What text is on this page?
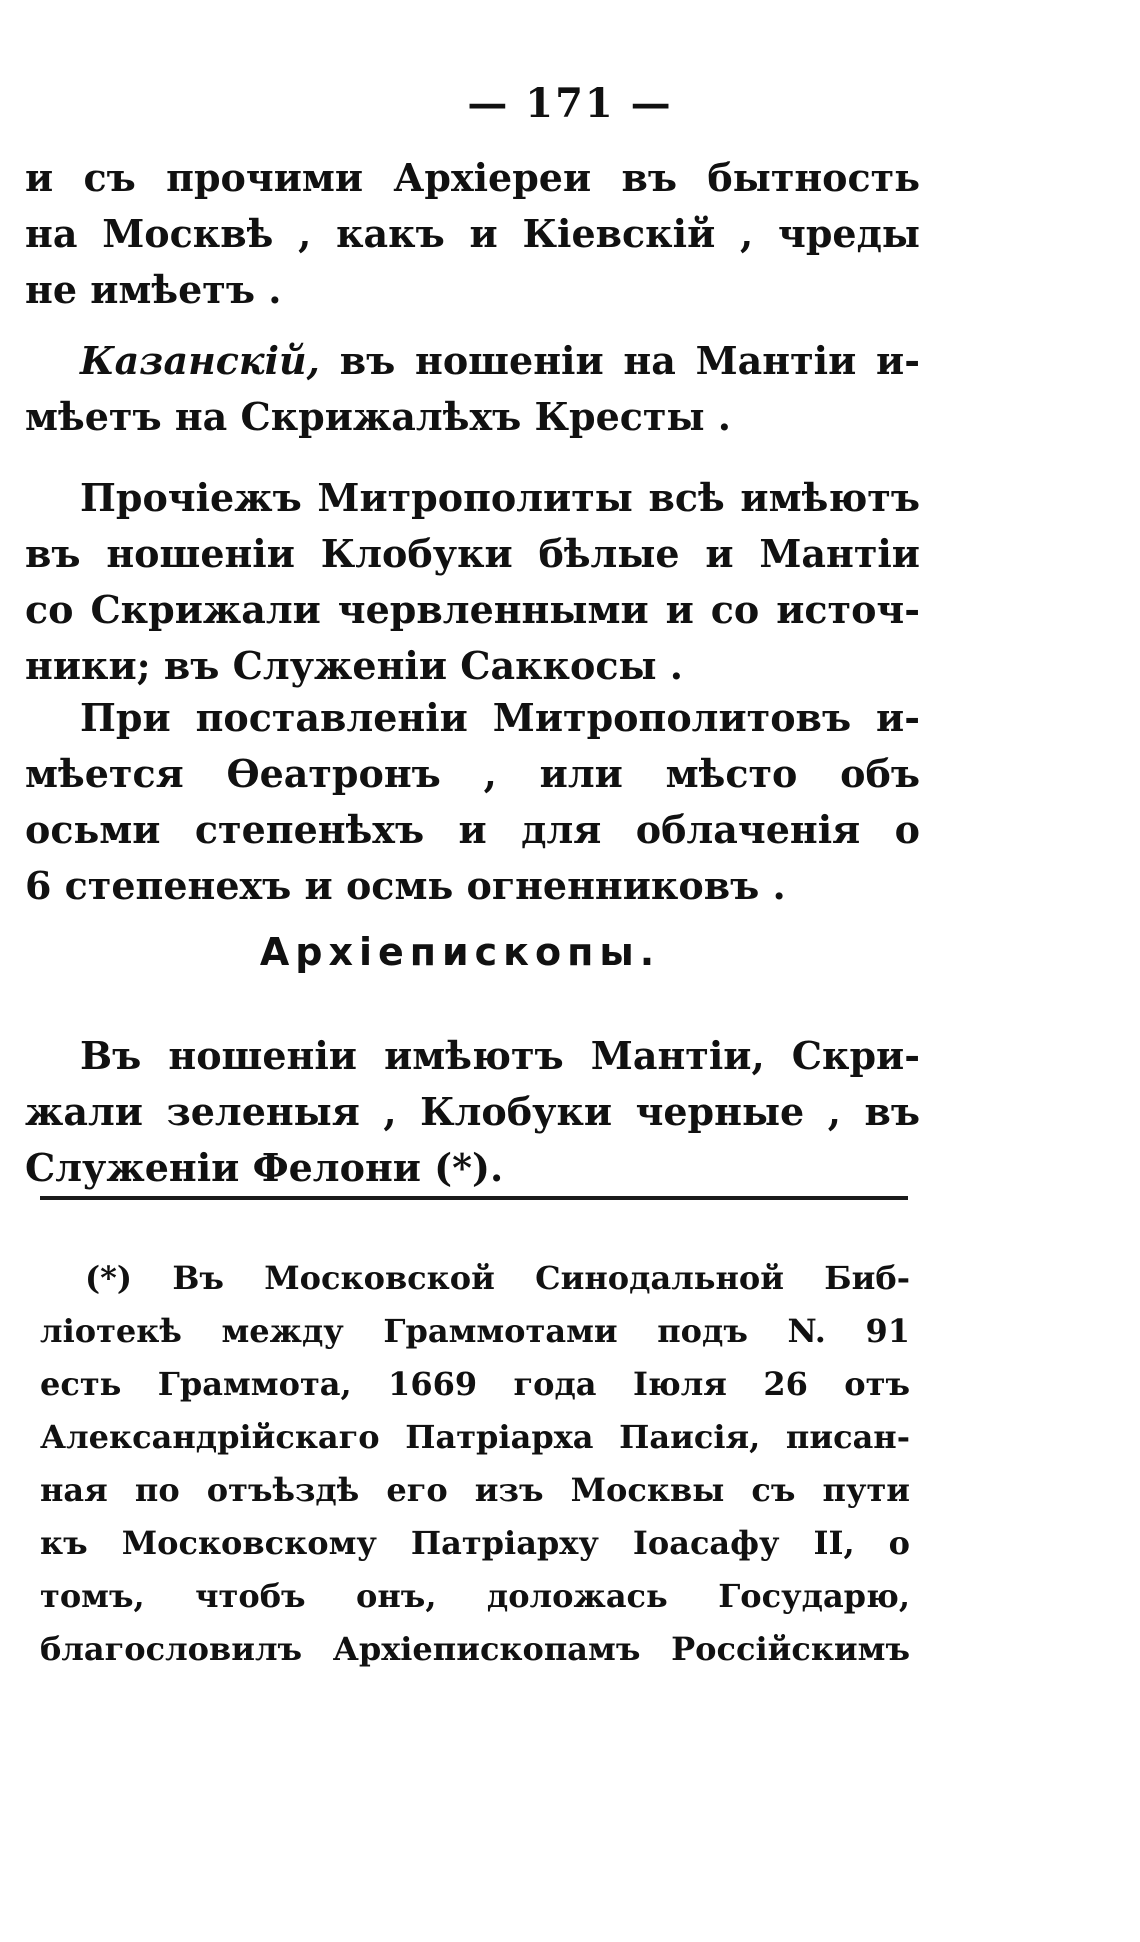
— 171 —
и съ прочими Архіереи въ бытность
на Москвѣ , какъ и Кіевскій , чреды
не имѣетъ .
Казанскій, въ ношеніи на Мантіи и-
мѣетъ на Скрижалѣхъ Кресты .
Прочіежъ Митрополиты всѣ имѣютъ
въ ношеніи Клобуки бѣлые и Мантіи
со Скрижали червленными и со источ-
ники; въ Служеніи Саккосы .
При поставленіи Митрополитовъ и-
мѣется Ѳеатронъ , или мѣсто объ
осьми степенѣхъ и для облаченія о
6 степенехъ и осмь огненниковъ .
Архіепископы.
Въ ношеніи имѣютъ Мантіи, Скри-
жали зеленыя , Клобуки черные , въ
Служеніи Фелони (*).
(*) Въ Московской Синодальной Биб-
ліотекѣ между Граммотами подъ N. 91
есть Граммота, 1669 года Іюля 26 отъ
Александрійскаго Патріарха Паисія, писан-
ная по отъѣздѣ его изъ Москвы съ пути
къ Московскому Патріарху Іоасафу II, о
томъ, чтобъ онъ, доложась Государю,
благословилъ Архіепископамъ Россійскимъ
